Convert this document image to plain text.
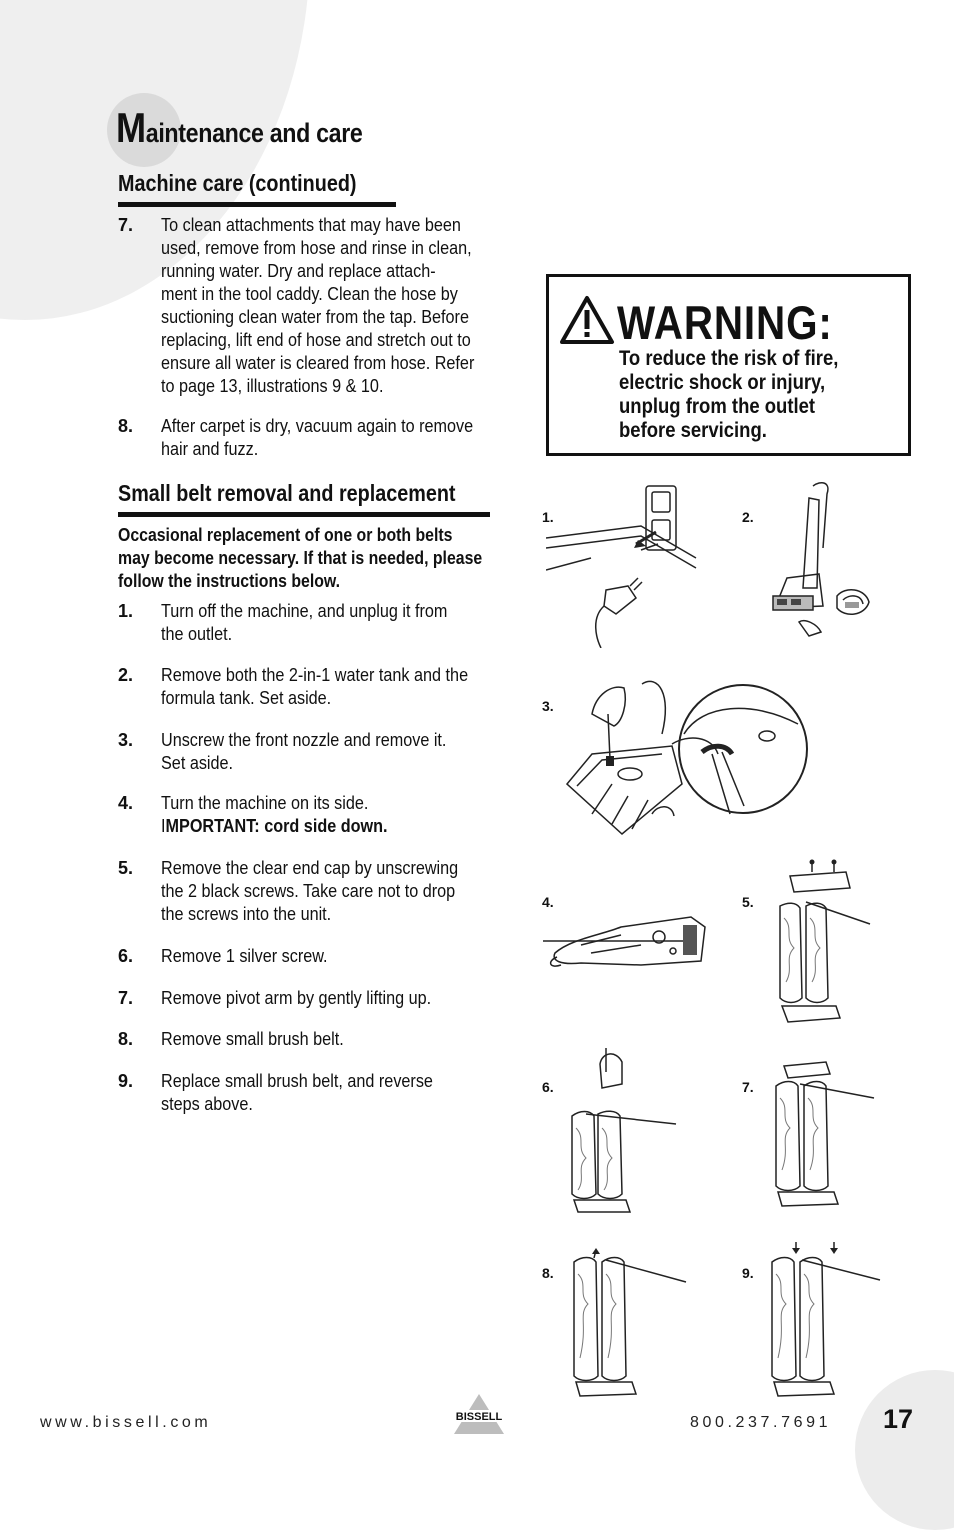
Maintenance and care
Machine care (continued)
7. To clean attachments that may have been
used, remove from hose and rinse in clean,
running water. Dry and replace attach-
ment in the tool caddy. Clean the hose by
suctioning clean water from the tap. Before
replacing, lift end of hose and stretch out to
ensure all water is cleared from hose. Refer
to page 13, illustrations 9 & 10.
8. After carpet is dry, vacuum again to remove
hair and fuzz.
Small belt removal and replacement
Occasional replacement of one or both belts
may become necessary. If that is needed, please
follow the instructions below.
1. Turn off the machine, and unplug it from
the outlet.
2. Remove both the 2-in-1 water tank and the
formula tank. Set aside.
3. Unscrew the front nozzle and remove it.
Set aside.
4. Turn the machine on its side.
IMPORTANT: cord side down.
5. Remove the clear end cap by unscrewing
the 2 black screws. Take care not to drop
the screws into the unit.
6. Remove 1 silver screw.
7. Remove pivot arm by gently lifting up.
8. Remove small brush belt.
9. Replace small brush belt, and reverse
steps above.
WARNING:
To reduce the risk of fire,
electric shock or injury,
unplug from the outlet
before servicing.
1.	2.
3.
4.	5.
6.	7.
8.	9.
www.bissell.com	800.237.7691 17
BISSELL
